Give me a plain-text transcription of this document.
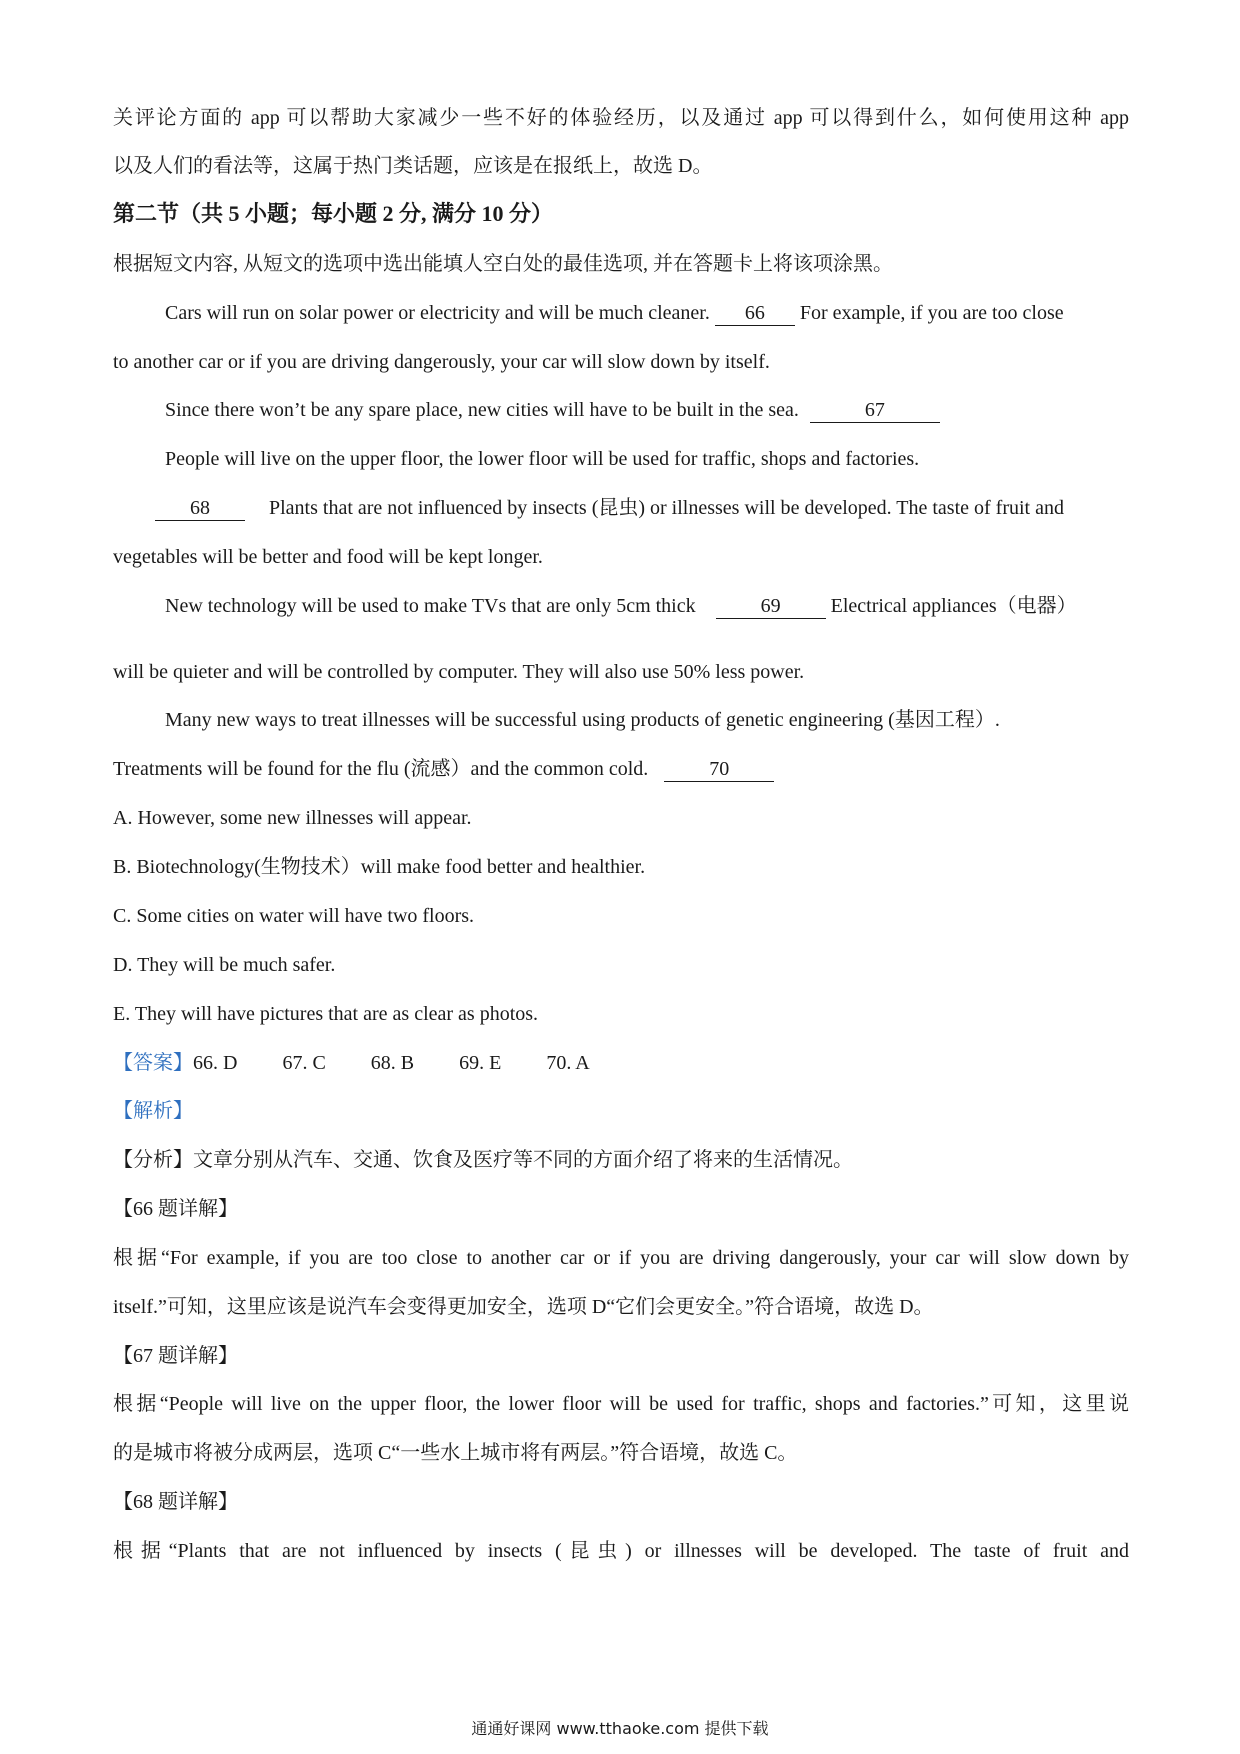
关评论方面的 app 可以帮助大家减少一些不好的体验经历，以及通过 app 可以得到什么，如何使用这种 app
以及人们的看法等，这属于热门类话题，应该是在报纸上，故选 D。
第二节（共 5 小题；每小题 2 分, 满分 10 分）
根据短文内容, 从短文的选项中选出能填人空白处的最佳选项, 并在答题卡上将该项涂黑。
Cars will run on solar power or electricity and will be much cleaner. 66 For example, if you are too close
to another car or if you are driving dangerously, your car will slow down by itself.
Since there won’t be any spare place, new cities will have to be built in the sea.	67
People will live on the upper floor, the lower floor will be used for traffic, shops and factories.
68	Plants that are not influenced by insects (昆虫) or illnesses will be developed. The taste of fruit and
vegetables will be better and food will be kept longer.
New technology will be used to make TVs that are only 5cm thick	69	Electrical appliances（电器）
will be quieter and will be controlled by computer. They will also use 50% less power.
Many new ways to treat illnesses will be successful using products of genetic engineering (基因工程）.
Treatments will be found for the flu (流感）and the common cold.	70
A. However, some new illnesses will appear.
B. Biotechnology(生物技术）will make food better and healthier.
C. Some cities on water will have two floors.
D. They will be much safer.
E. They will have pictures that are as clear as photos.
【答案】66. D 67. C 68. B 69. E 70. A
【解析】
【分析】文章分别从汽车、交通、饮食及医疗等不同的方面介绍了将来的生活情况。
【66 题详解】
根据“For example, if you are too close to another car or if you are driving dangerously, your car will slow down by
itself.”可知，这里应该是说汽车会变得更加安全，选项 D“它们会更安全。”符合语境，故选 D。
【67 题详解】
根据“People will live on the upper floor, the lower floor will be used for traffic, shops and factories.”可知，这里说
的是城市将被分成两层，选项 C“一些水上城市将有两层。”符合语境，故选 C。
【68 题详解】
根据“Plants that are not influenced by insects (昆虫) or illnesses will be developed. The taste of fruit and
通通好课网 www.tthaoke.com 提供下载
